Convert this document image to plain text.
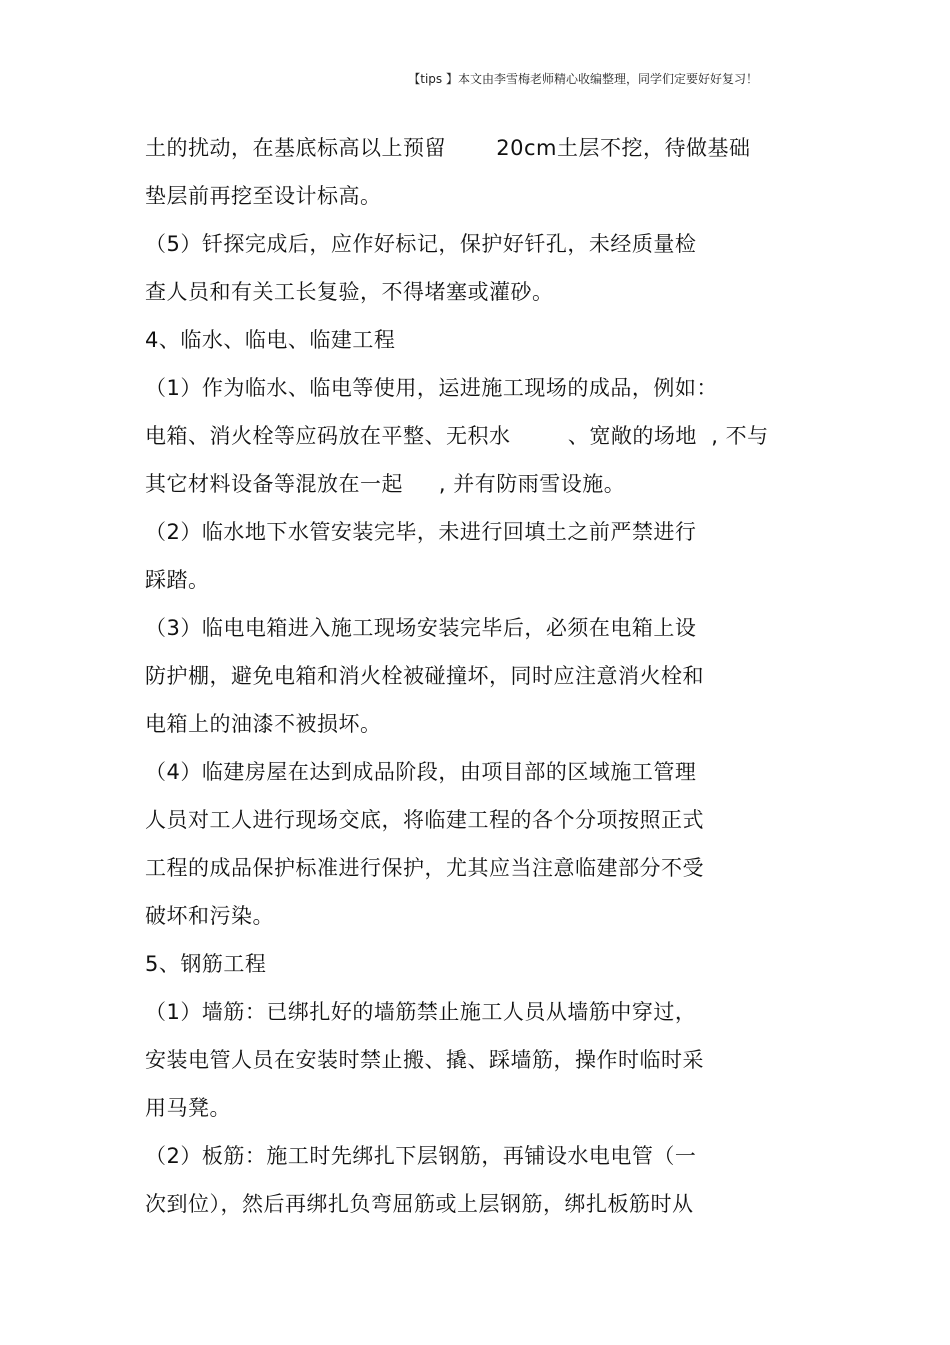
【tips 】本文由李雪梅老师精心收编整理，同学们定要好好复习！
土的扰动，在基底标高以上预留       20cm土层不挖，待做基础
垫层前再挖至设计标高。
（5）钎探完成后，应作好标记，保护好钎孔，未经质量检
查人员和有关工长复验，不得堵塞或灌砂。
4、临水、临电、临建工程
（1）作为临水、临电等使用，运进施工现场的成品，例如：
电箱、消火栓等应码放在平整、无积水        、宽敞的场地  , 不与
其它材料设备等混放在一起     , 并有防雨雪设施。
（2）临水地下水管安装完毕，未进行回填土之前严禁进行
踩踏。
（3）临电电箱进入施工现场安装完毕后，必须在电箱上设
防护棚，避免电箱和消火栓被碰撞坏，同时应注意消火栓和
电箱上的油漆不被损坏。
（4）临建房屋在达到成品阶段，由项目部的区域施工管理
人员对工人进行现场交底，将临建工程的各个分项按照正式
工程的成品保护标准进行保护，尤其应当注意临建部分不受
破坏和污染。
5、钢筋工程
（1）墙筋：已绑扎好的墙筋禁止施工人员从墙筋中穿过，
安装电管人员在安装时禁止搬、撬、踩墙筋，操作时临时采
用马凳。
（2）板筋：施工时先绑扎下层钢筋，再铺设水电电管（一
次到位），然后再绑扎负弯屈筋或上层钢筋，绑扎板筋时从
